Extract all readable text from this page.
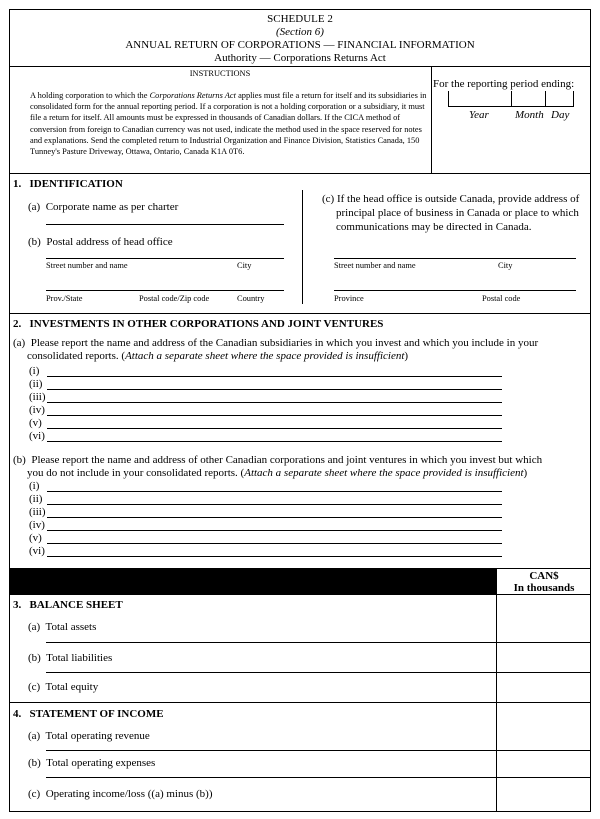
SCHEDULE 2
(Section 6)
ANNUAL RETURN OF CORPORATIONS — FINANCIAL INFORMATION
Authority — Corporations Returns Act
INSTRUCTIONS
A holding corporation to which the Corporations Returns Act applies must file a return for itself and its subsidiaries in consolidated form for the annual reporting period. If a corporation is not a holding corporation or a subsidiary, it must file a return for itself. All amounts must be expressed in thousands of Canadian dollars. If the CICA method of conversion from foreign to Canadian currency was not used, indicate the method used in the space reserved for notes and explanations. Send the completed return to Industrial Organization and Finance Division, Statistics Canada, 150 Tunney's Pasture Driveway, Ottawa, Ontario, Canada K1A 0T6.
For the reporting period ending:
Year Month Day
1.   IDENTIFICATION
(a)  Corporate name as per charter
(b)  Postal address of head office
Street number and name	City
Prov./State	Postal code/Zip code	Country
(c) If the head office is outside Canada, provide address of
principal place of business in Canada or place to which
communications may be directed in Canada.
Street number and name	City
Province	Postal code
2.   INVESTMENTS IN OTHER CORPORATIONS AND JOINT VENTURES
(a)  Please report the name and address of the Canadian subsidiaries in which you invest and which you include in your
consolidated reports. (Attach a separate sheet where the space provided is insufficient)
(i)
(ii)
(iii)
(iv)
(v)
(vi)
(b)  Please report the name and address of other Canadian corporations and joint ventures in which you invest but which
you do not include in your consolidated reports. (Attach a separate sheet where the space provided is insufficient)
(i)
(ii)
(iii)
(iv)
(v)
(vi)
CAN$
In thousands
3.   BALANCE SHEET
(a)  Total assets
(b)  Total liabilities
(c)  Total equity
4.   STATEMENT OF INCOME
(a)  Total operating revenue
(b)  Total operating expenses
(c)  Operating income/loss ((a) minus (b))
